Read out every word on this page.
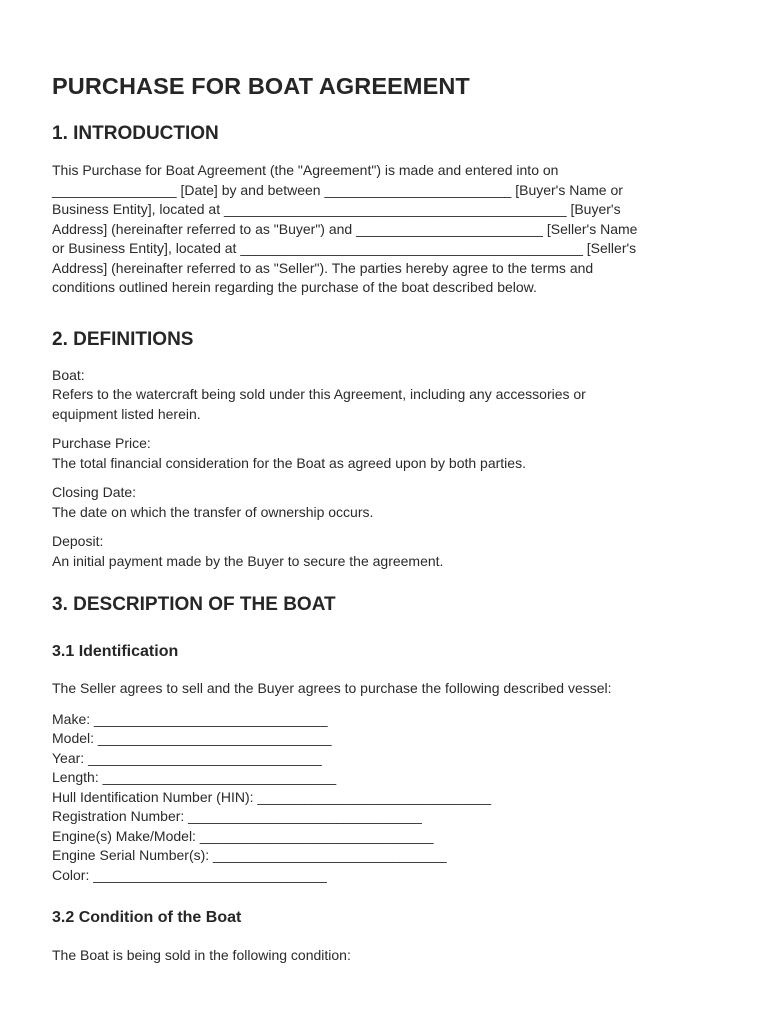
PURCHASE FOR BOAT AGREEMENT
1. INTRODUCTION

This Purchase for Boat Agreement (the "Agreement") is made and entered into on

________________ [Date] by and between ________________________ [Buyer's Name or

Business Entity], located at ____________________________________________ [Buyer's

Address] (hereinafter referred to as "Buyer") and ________________________ [Seller's Name

or Business Entity], located at ____________________________________________ [Seller's

Address] (hereinafter referred to as "Seller"). The parties hereby agree to the terms and

conditions outlined herein regarding the purchase of the boat described below.

2. DEFINITIONS

Boat:

Refers to the watercraft being sold under this Agreement, including any accessories or

equipment listed herein.

Purchase Price:

The total financial consideration for the Boat as agreed upon by both parties.

Closing Date:

The date on which the transfer of ownership occurs.

Deposit:

An initial payment made by the Buyer to secure the agreement.

3. DESCRIPTION OF THE BOAT
3.1 Identification

The Seller agrees to sell and the Buyer agrees to purchase the following described vessel:

Make: ______________________________

Model: ______________________________

Year: ______________________________

Length: ______________________________

Hull Identification Number (HIN): ______________________________

Registration Number: ______________________________

Engine(s) Make/Model: ______________________________

Engine Serial Number(s): ______________________________

Color: ______________________________

3.2 Condition of the Boat

The Boat is being sold in the following condition:
